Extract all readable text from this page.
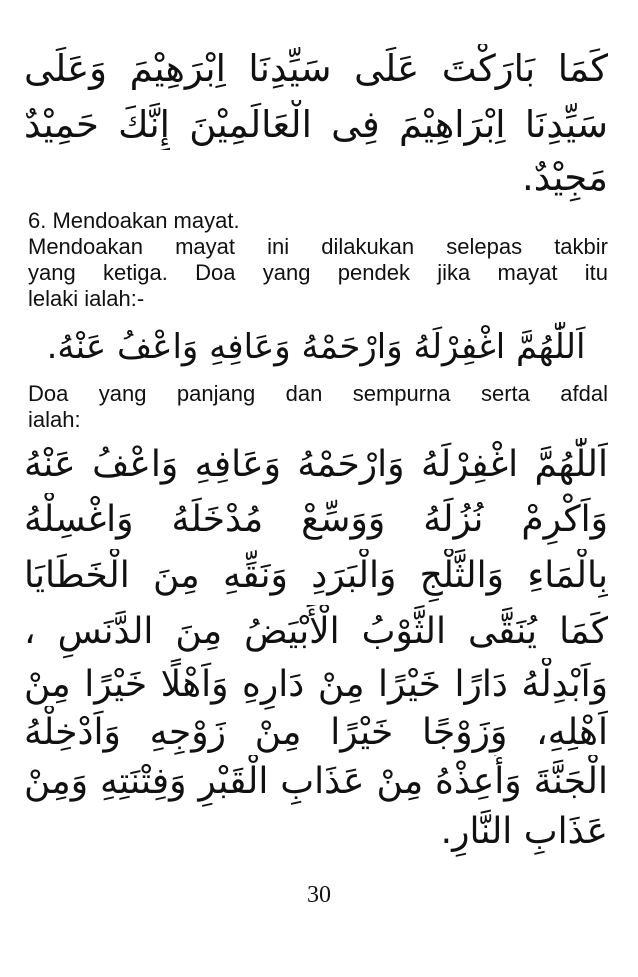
كَمَا بَارَكْتَ عَلَى سَيِّدِنَا اِبْرَهِيْمَ وَعَلَى
سَيِّدِنَا اِبْرَاهِيْمَ فِى الْعَالَمِيْنَ إِنَّكَ حَمِيْدٌ
مَجِيْدٌ.
6. Mendoakan mayat.
Mendoakan mayat ini dilakukan selepas takbir
yang ketiga. Doa yang pendek jika mayat itu
lelaki ialah:-
اَللّٰهُمَّ اغْفِرْلَهُ وَارْحَمْهُ وَعَافِهِ وَاعْفُ عَنْهُ.
Doa yang panjang dan sempurna serta afdal
ialah:
اَللّٰهُمَّ اغْفِرْلَهُ وَارْحَمْهُ وَعَافِهِ وَاعْفُ عَنْهُ
وَاَكْرِمْ نُزُلَهُ وَوَسِّعْ مُدْخَلَهُ وَاغْسِلْهُ
بِالْمَاءِ وَالثَّلْجِ وَالْبَرَدِ وَنَقِّهِ مِنَ الْخَطَايَا
كَمَا يُنَقَّى الثَّوْبُ الْأَبْيَضُ مِنَ الدَّنَسِ ،
وَاَبْدِلْهُ دَارًا خَيْرًا مِنْ دَارِهِ وَاَهْلًا خَيْرًا مِنْ
اَهْلِهِ، وَزَوْجًا خَيْرًا مِنْ زَوْجِهِ وَاَدْخِلْهُ
الْجَنَّةَ وَأَعِذْهُ مِنْ عَذَابِ الْقَبْرِ وَفِتْنَتِهِ وَمِنْ
عَذَابِ النَّارِ.
30
